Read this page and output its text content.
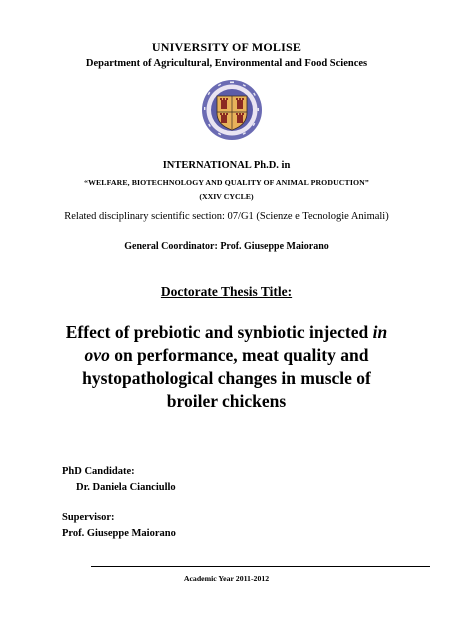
UNIVERSITY OF MOLISE
Department of Agricultural, Environmental and Food Sciences
INTERNATIONAL Ph.D. in
“WELFARE, BIOTECHNOLOGY AND QUALITY OF ANIMAL PRODUCTION”
(XXIV CYCLE)
Related disciplinary scientific section: 07/G1 (Scienze e Tecnologie Animali)
General Coordinator: Prof. Giuseppe Maiorano
Doctorate Thesis Title:
Effect of prebiotic and synbiotic injected in
ovo on performance, meat quality and hystopathological changes in muscle of broiler chickens
PhD Candidate:
Dr. Daniela Cianciullo
Supervisor:
Prof. Giuseppe Maiorano
Academic Year 2011-2012
